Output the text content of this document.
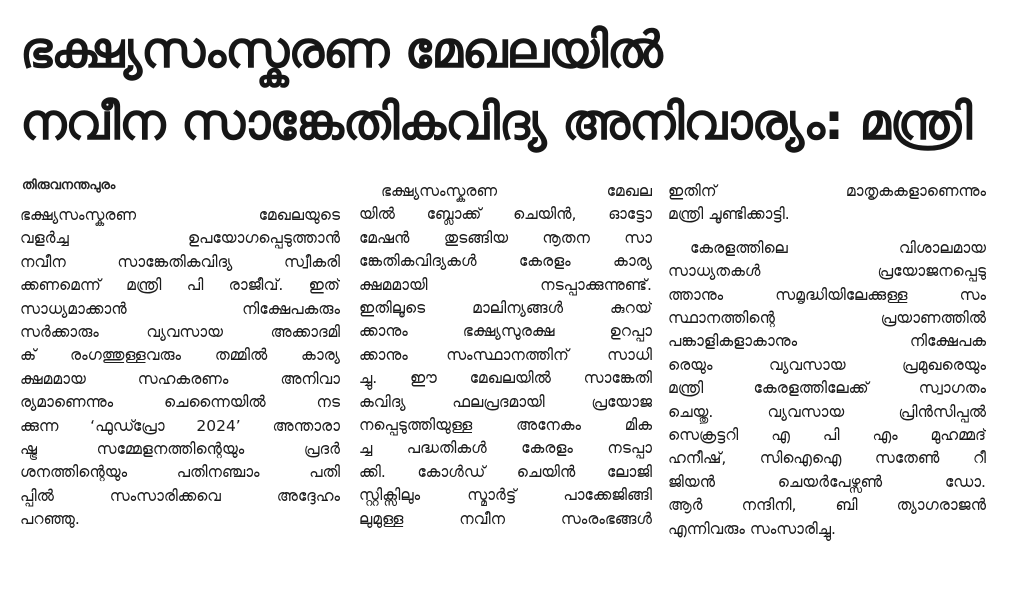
ഭക്ഷ്യസംസ്കരണ മേഖലയിൽ
നവീന സാങ്കേതികവിദ്യ അനിവാര്യം: മന്ത്രി
തിരുവനന്തപുരം
ഭക്ഷ്യസംസ്കരണ മേഖലയുടെ
വളർച്ച ഉപയോഗപ്പെടുത്താൻ
നവീന സാങ്കേതികവിദ്യ സ്വീകരി
ക്കണമെന്ന് മന്ത്രി പി രാജീവ്. ഇത്
സാധ്യമാക്കാൻ നിക്ഷേപകരും
സർക്കാരും വ്യവസായ അക്കാദമി
ക് രംഗത്തുള്ളവരും തമ്മിൽ കാര്യ
ക്ഷമമായ സഹകരണം അനിവാ
ര്യമാണെന്നും ചെന്നൈയിൽ നട
ക്കുന്ന ‘ഫുഡ്പ്രോ 2024’ അന്താരാ
ഷ്ട്ര സമ്മേളനത്തിന്റെയും പ്രദർ
ശനത്തിന്റെയും പതിനഞ്ചാം പതി
പ്പിൽ സംസാരിക്കവെ അദ്ദേഹം
പറഞ്ഞു.
ഭക്ഷ്യസംസ്കരണ മേഖല
യിൽ ബ്ലോക്ക് ചെയിൻ, ഓട്ടോ
മേഷൻ തുടങ്ങിയ നൂതന സാ
ങ്കേതികവിദ്യകൾ കേരളം കാര്യ
ക്ഷമമായി നടപ്പാക്കുന്നുണ്ട്.
ഇതിലൂടെ മാലിന്യങ്ങൾ കുറയ്
ക്കാനും ഭക്ഷ്യസുരക്ഷ ഉറപ്പാ
ക്കാനും സംസ്ഥാനത്തിന് സാധി
ച്ചു. ഈ മേഖലയിൽ സാങ്കേതി
കവിദ്യ ഫലപ്രദമായി പ്രയോജ
നപ്പെടുത്തിയുള്ള അനേകം മിക
ച്ച പദ്ധതികൾ കേരളം നടപ്പാ
ക്കി. കോൾഡ് ചെയിൻ ലോജി
സ്റ്റിക്സിലും സ്മാർട്ട് പാക്കേജിങ്ങി
ലുമുള്ള നവീന സംരംഭങ്ങൾ
ഇതിന് മാതൃകകളാണെന്നും
മന്ത്രി ചൂണ്ടിക്കാട്ടി.
കേരളത്തിലെ വിശാലമായ
സാധ്യതകൾ പ്രയോജനപ്പെടു
ത്താനും സമൃദ്ധിയിലേക്കുള്ള സം
സ്ഥാനത്തിന്റെ പ്രയാണത്തിൽ
പങ്കാളികളാകാനും നിക്ഷേപക
രെയും വ്യവസായ പ്രമുഖരെയും
മന്ത്രി കേരളത്തിലേക്ക് സ്വാഗതം
ചെയ്തു. വ്യവസായ പ്രിൻസിപ്പൽ
സെക്രട്ടറി എ പി എം മുഹമ്മദ്
ഹനീഷ്, സിഐഐ സതേൺ റീ
ജിയൻ ചെയർപേഴ്സൺ ഡോ.
ആർ നന്ദിനി, ബി ത്യാഗരാജൻ
എന്നിവരും സംസാരിച്ചു.
